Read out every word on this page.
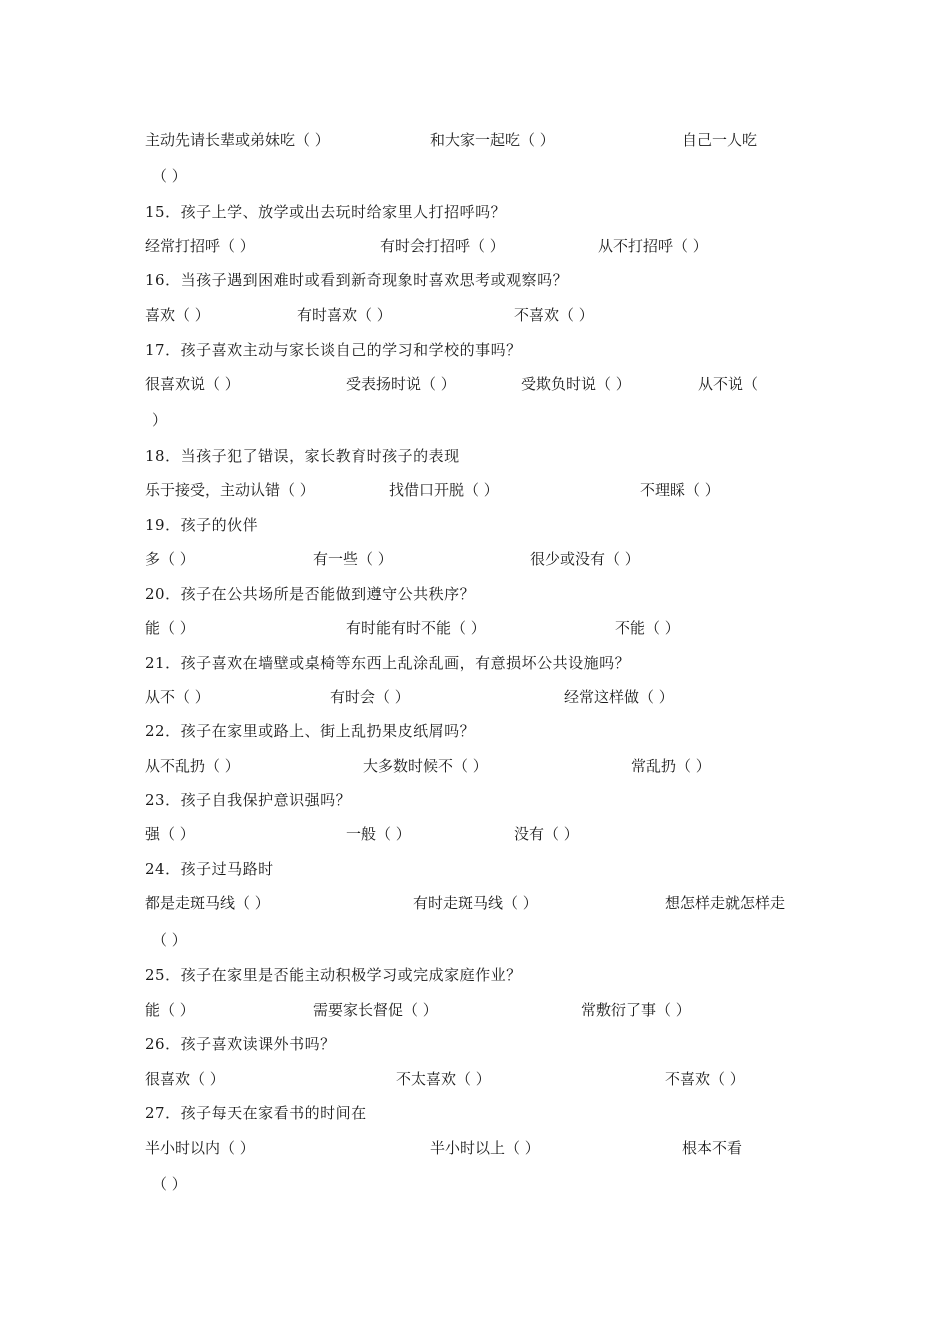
主动先请长辈或弟妹吃（ ）	和大家一起吃（ ）	自己一人吃
（ ）
15．孩子上学、放学或出去玩时给家里人打招呼吗？
经常打招呼（ ）	有时会打招呼（ ）	从不打招呼（ ）
16．当孩子遇到困难时或看到新奇现象时喜欢思考或观察吗？
喜欢（ ）	有时喜欢（ ）	不喜欢（ ）
17．孩子喜欢主动与家长谈自己的学习和学校的事吗？
很喜欢说（ ）	受表扬时说（ ）	受欺负时说（ ）	从不说（
）
18．当孩子犯了错误，家长教育时孩子的表现
乐于接受，主动认错（ ）	找借口开脱（ ）	不理睬（ ）
19．孩子的伙伴
多（ ）	有一些（ ）	很少或没有（ ）
20．孩子在公共场所是否能做到遵守公共秩序？
能（ ）	有时能有时不能（ ）	不能（ ）
21．孩子喜欢在墙壁或桌椅等东西上乱涂乱画，有意损坏公共设施吗？
从不（ ）	有时会（ ）	经常这样做（ ）
22．孩子在家里或路上、街上乱扔果皮纸屑吗？
从不乱扔（ ）	大多数时候不（ ）	常乱扔（ ）
23．孩子自我保护意识强吗？
强（ ）	一般（ ）	没有（ ）
24．孩子过马路时
都是走斑马线（ ）	有时走斑马线（ ）	想怎样走就怎样走
（ ）
25．孩子在家里是否能主动积极学习或完成家庭作业？
能（ ）	需要家长督促（ ）	常敷衍了事（ ）
26．孩子喜欢读课外书吗？
很喜欢（ ）	不太喜欢（ ）	不喜欢（ ）
27．孩子每天在家看书的时间在
半小时以内（ ）	半小时以上（ ）	根本不看
（ ）
